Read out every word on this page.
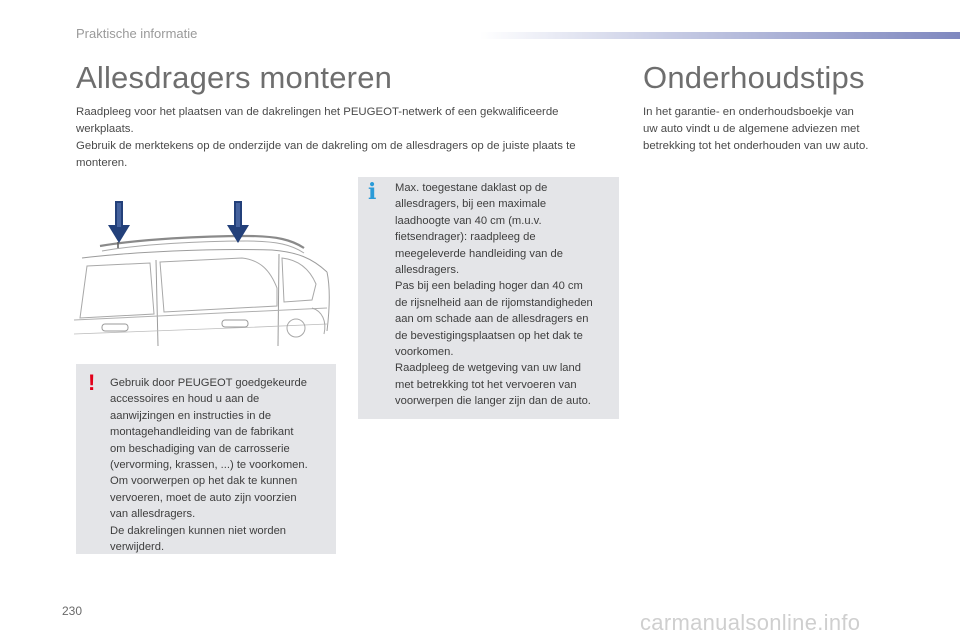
Praktische informatie
Allesdragers monteren	Onderhoudstips
Raadpleeg voor het plaatsen van de dakrelingen het PEUGEOT-netwerk of een gekwalificeerde
werkplaats.
Gebruik de merktekens op de onderzijde van de dakreling om de allesdragers op de juiste plaats te
monteren.
In het garantie- en onderhoudsboekje van
uw auto vindt u de algemene adviezen met
betrekking tot het onderhouden van uw auto.
! Gebruik door PEUGEOT goedgekeurde
accessoires en houd u aan de
aanwijzingen en instructies in de
montagehandleiding van de fabrikant
om beschadiging van de carrosserie
(vervorming, krassen, ...) te voorkomen.
Om voorwerpen op het dak te kunnen
vervoeren, moet de auto zijn voorzien
van allesdragers.
De dakrelingen kunnen niet worden
verwijderd.
i Max. toegestane daklast op de
allesdragers, bij een maximale
laadhoogte van 40 cm (m.u.v.
fietsendrager): raadpleeg de
meegeleverde handleiding van de
allesdragers.
Pas bij een belading hoger dan 40 cm
de rijsnelheid aan de rijomstandigheden
aan om schade aan de allesdragers en
de bevestigingsplaatsen op het dak te
voorkomen.
Raadpleeg de wetgeving van uw land
met betrekking tot het vervoeren van
voorwerpen die langer zijn dan de auto.
230	carmanualsonline.info
